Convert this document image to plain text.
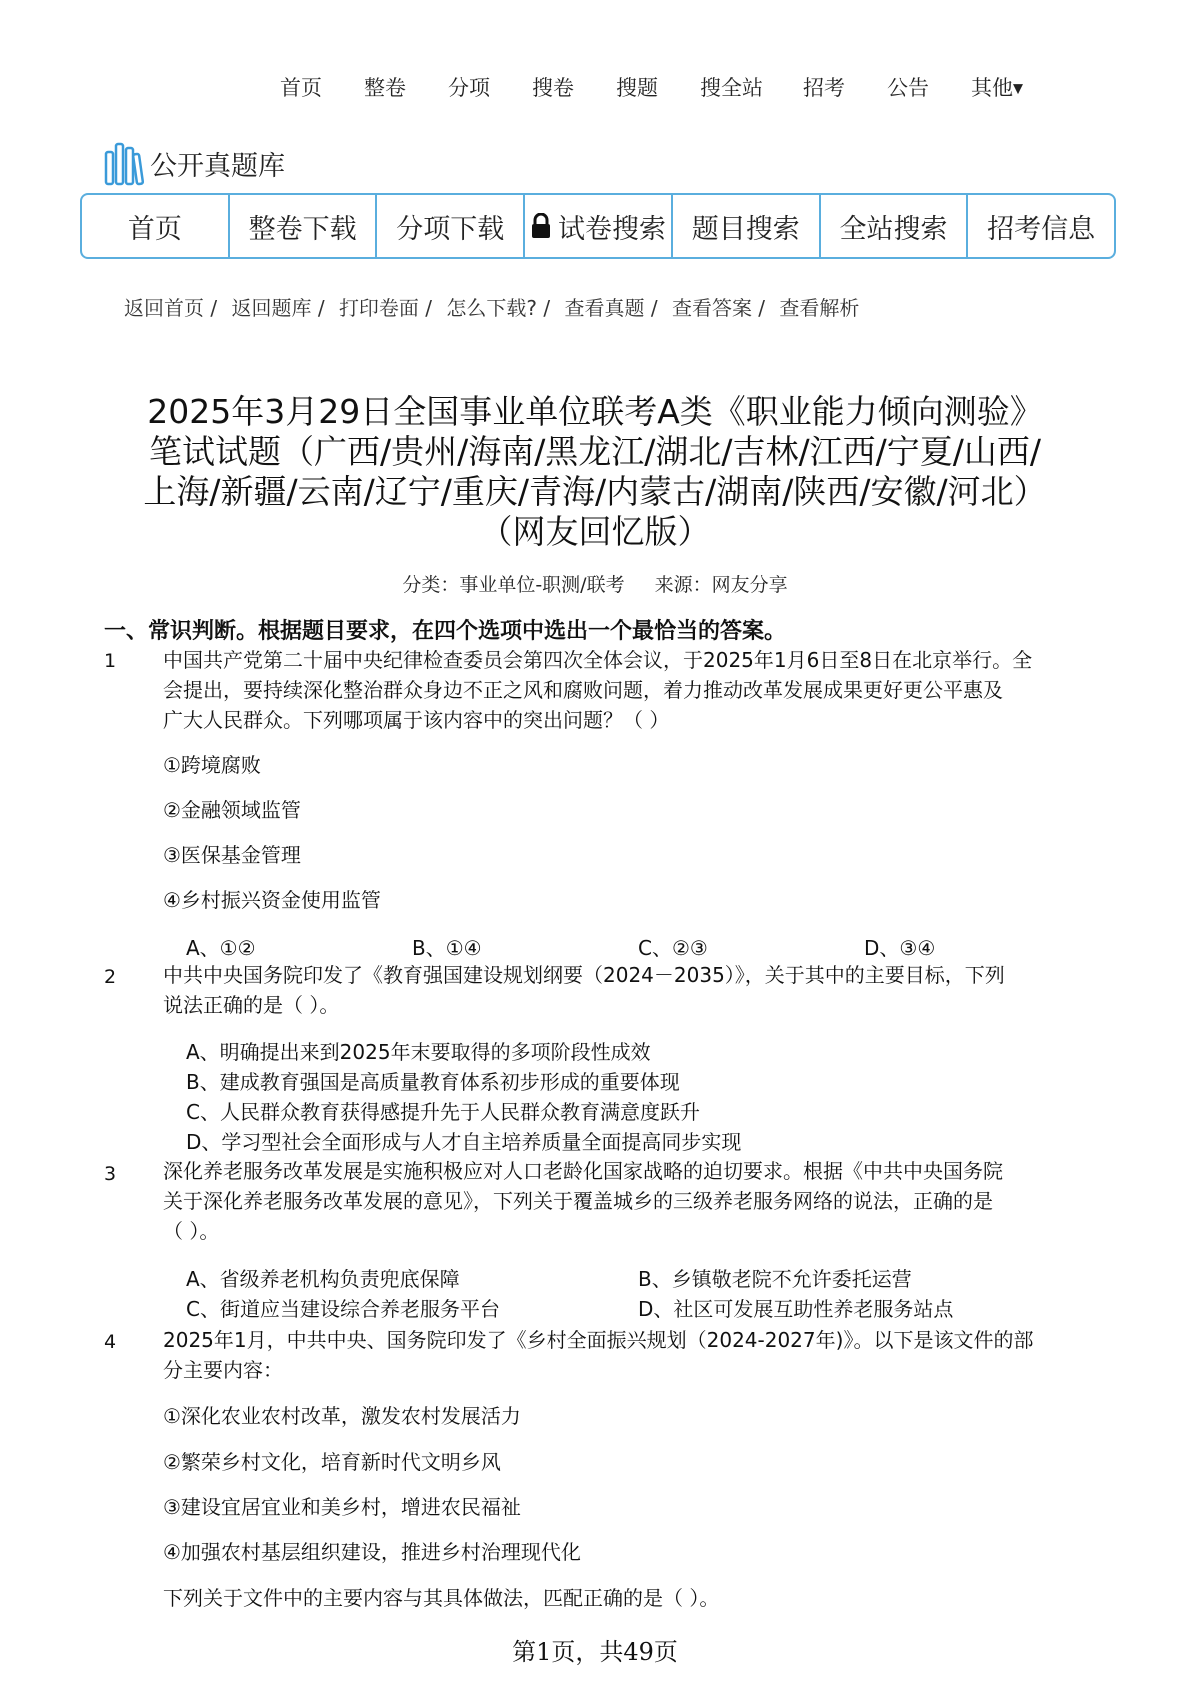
首页 整卷 分项 搜卷 搜题 搜全站 招考 公告 其他▼
公开真题库
首页	整卷下载	分项下载	试卷搜索 题目搜索	全站搜索	招考信息
返回首页 / 返回题库 / 打印卷面 / 怎么下载? / 查看真题 / 查看答案 / 查看解析
2025年3月29日全国事业单位联考A类《职业能力倾向测验》
笔试试题（广西/贵州/海南/黑龙江/湖北/吉林/江西/宁夏/山西/
上海/新疆/云南/辽宁/重庆/青海/内蒙古/湖南/陕西/安徽/河北）
（网友回忆版）
分类：事业单位-职测/联考 来源：网友分享
一、常识判断。根据题目要求，在四个选项中选出一个最恰当的答案。
1 中国共产党第二十届中央纪律检查委员会第四次全体会议，于2025年1月6日至8日在北京举行。全
会提出，要持续深化整治群众身边不正之风和腐败问题，着力推动改革发展成果更好更公平惠及
广大人民群众。下列哪项属于该内容中的突出问题？（ ）
①跨境腐败
②金融领域监管
③医保基金管理
④乡村振兴资金使用监管
A、①②	B、①④	C、②③	D、③④
2 中共中央国务院印发了《教育强国建设规划纲要（2024－2035）》，关于其中的主要目标，下列
说法正确的是（ ）。
A、明确提出来到2025年末要取得的多项阶段性成效
B、建成教育强国是高质量教育体系初步形成的重要体现
C、人民群众教育获得感提升先于人民群众教育满意度跃升
D、学习型社会全面形成与人才自主培养质量全面提高同步实现
3 深化养老服务改革发展是实施积极应对人口老龄化国家战略的迫切要求。根据《中共中央国务院
关于深化养老服务改革发展的意见》，下列关于覆盖城乡的三级养老服务网络的说法，正确的是
（ ）。
A、省级养老机构负责兜底保障	B、乡镇敬老院不允许委托运营
C、街道应当建设综合养老服务平台	D、社区可发展互助性养老服务站点
4 2025年1月，中共中央、国务院印发了《乡村全面振兴规划（2024-2027年)》。以下是该文件的部
分主要内容：
①深化农业农村改革，激发农村发展活力
②繁荣乡村文化，培育新时代文明乡风
③建设宜居宜业和美乡村，增进农民福祉
④加强农村基层组织建设，推进乡村治理现代化
下列关于文件中的主要内容与其具体做法，匹配正确的是（ ）。
第1页，共49页
